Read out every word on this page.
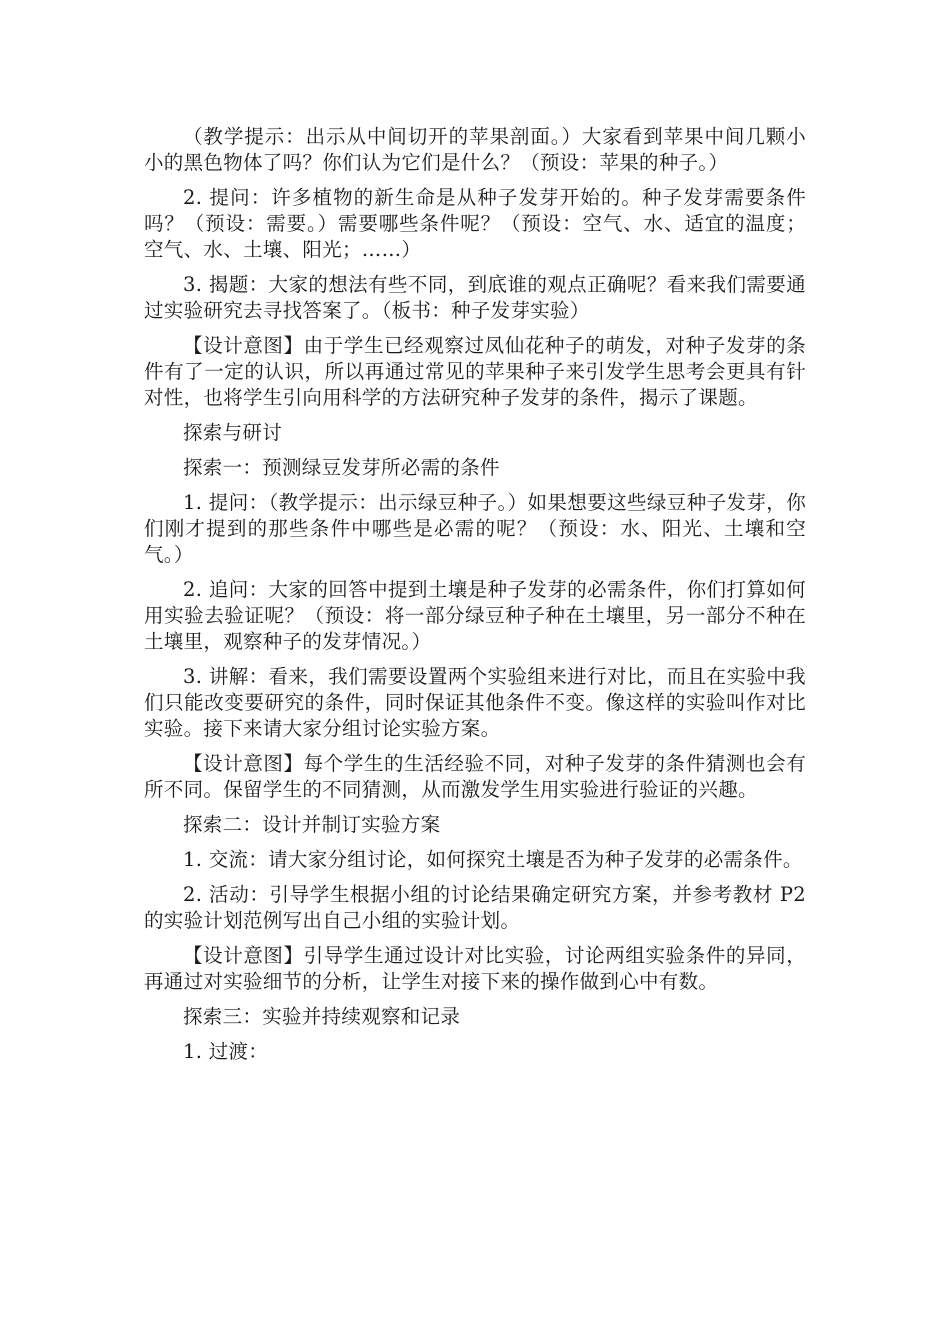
（教学提示：出示从中间切开的苹果剖面。）大家看到苹果中间几颗小小的黑色物体了吗？你们认为它们是什么？（预设：苹果的种子。）

2. 提问：许多植物的新生命是从种子发芽开始的。种子发芽需要条件吗？（预设：需要。）需要哪些条件呢？（预设：空气、水、适宜的温度；空气、水、土壤、阳光；……）

3. 揭题：大家的想法有些不同，到底谁的观点正确呢？看来我们需要通过实验研究去寻找答案了。（板书：种子发芽实验）

【设计意图】由于学生已经观察过凤仙花种子的萌发，对种子发芽的条件有了一定的认识，所以再通过常见的苹果种子来引发学生思考会更具有针对性，也将学生引向用科学的方法研究种子发芽的条件，揭示了课题。

探索与研讨

探索一：预测绿豆发芽所必需的条件

1. 提问：（教学提示：出示绿豆种子。）如果想要这些绿豆种子发芽，你们刚才提到的那些条件中哪些是必需的呢？（预设：水、阳光、土壤和空气。）

2. 追问：大家的回答中提到土壤是种子发芽的必需条件，你们打算如何用实验去验证呢？（预设：将一部分绿豆种子种在土壤里，另一部分不种在土壤里，观察种子的发芽情况。）

3. 讲解：看来，我们需要设置两个实验组来进行对比，而且在实验中我们只能改变要研究的条件，同时保证其他条件不变。像这样的实验叫作对比实验。接下来请大家分组讨论实验方案。

【设计意图】每个学生的生活经验不同，对种子发芽的条件猜测也会有所不同。保留学生的不同猜测，从而激发学生用实验进行验证的兴趣。

探索二：设计并制订实验方案

1. 交流：请大家分组讨论，如何探究土壤是否为种子发芽的必需条件。

2. 活动：引导学生根据小组的讨论结果确定研究方案，并参考教材 P2 的实验计划范例写出自己小组的实验计划。

【设计意图】引导学生通过设计对比实验，讨论两组实验条件的异同，再通过对实验细节的分析，让学生对接下来的操作做到心中有数。

探索三：实验并持续观察和记录

1. 过渡：
